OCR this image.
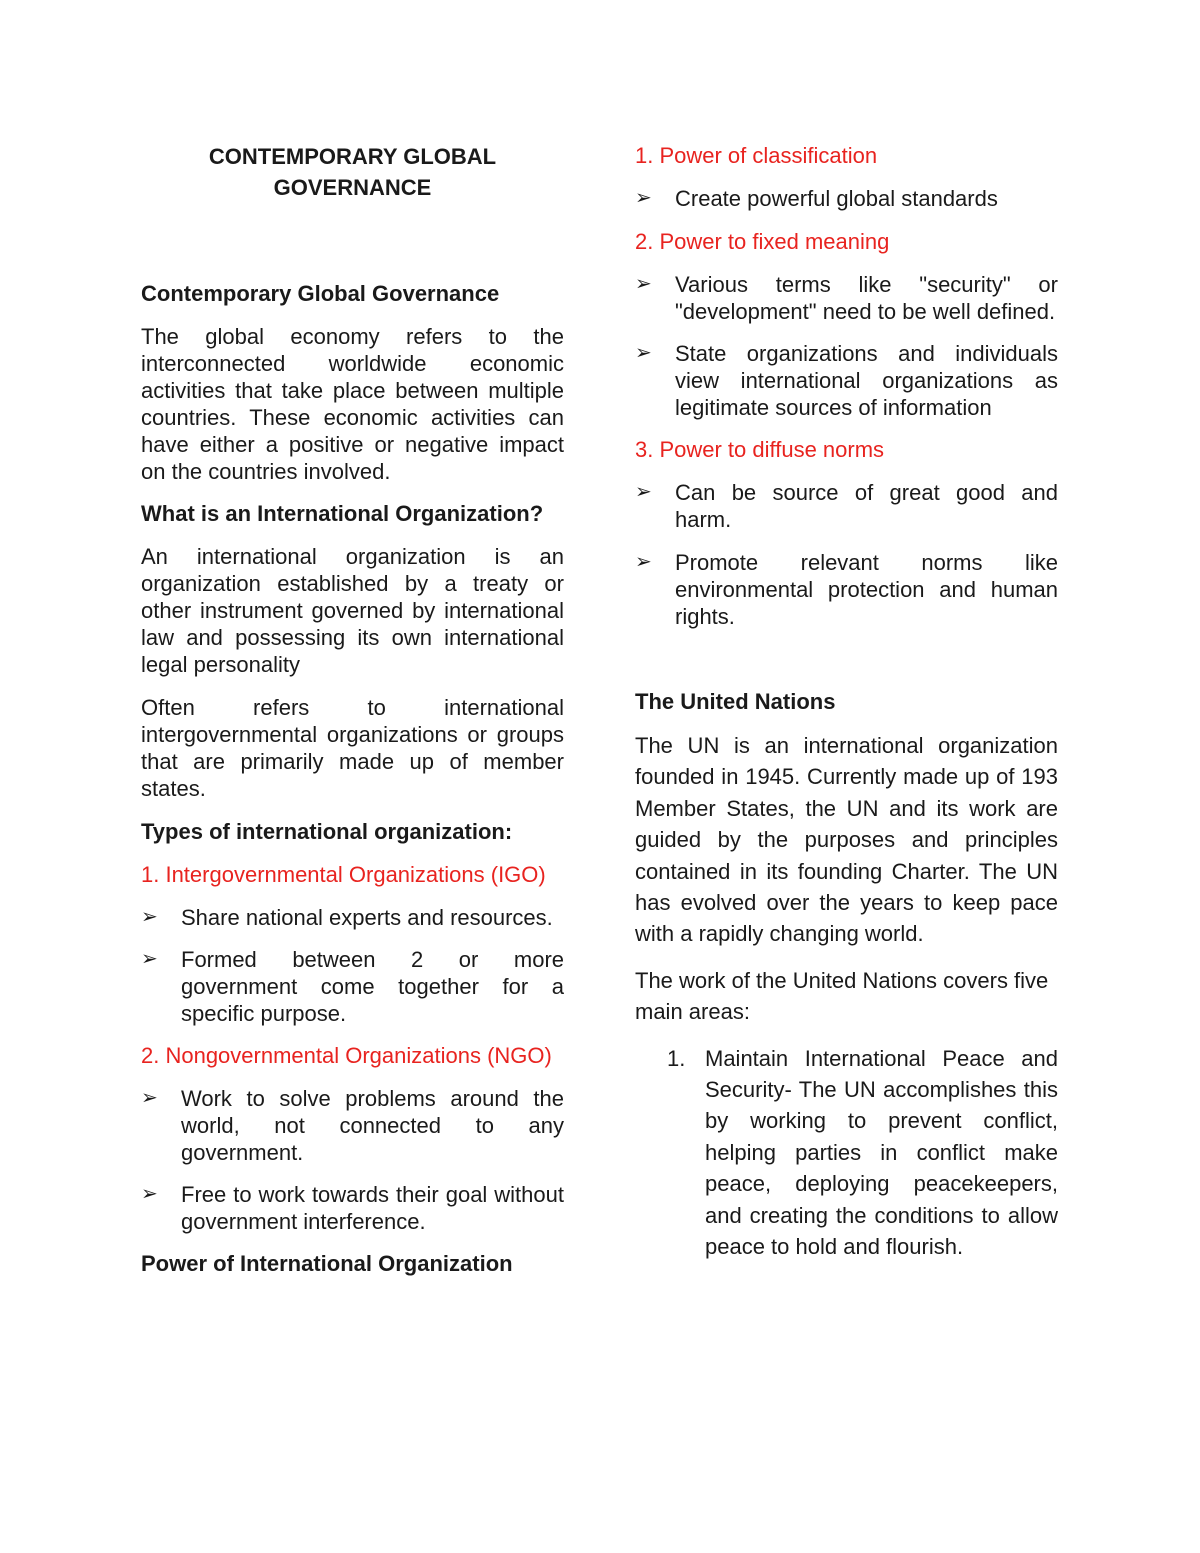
CONTEMPORARY GLOBAL
GOVERNANCE

Contemporary Global Governance

The global economy refers to the interconnected worldwide economic activities that take place between multiple countries. These economic activities can have either a positive or negative impact on the countries involved.

What is an International Organization?

An international organization is an organization established by a treaty or other instrument governed by international law and possessing its own international legal personality

Often refers to international intergovernmental organizations or groups that are primarily made up of member states.

Types of international organization:

1. Intergovernmental Organizations (IGO)

➢	Share national experts and resources.
➢	Formed between 2 or more government come together for a specific purpose.

2. Nongovernmental Organizations (NGO)

➢	Work to solve problems around the world, not connected to any government.
➢	Free to work towards their goal without government interference.

Power of International Organization

1. Power of classification

➢	Create powerful global standards

2. Power to fixed meaning

➢	Various terms like "security" or "development" need to be well defined.
➢	State organizations and individuals view international organizations as legitimate sources of information

3. Power to diffuse norms

➢	Can be source of great good and harm.
➢	Promote relevant norms like environmental protection and human rights.

The United Nations

The UN is an international organization founded in 1945. Currently made up of 193 Member States, the UN and its work are guided by the purposes and principles contained in its founding Charter. The UN has evolved over the years to keep pace with a rapidly changing world.

The work of the United Nations covers five main areas:

1. Maintain International Peace and Security- The UN accomplishes this by working to prevent conflict, helping parties in conflict make peace, deploying peacekeepers, and creating the conditions to allow peace to hold and flourish.
